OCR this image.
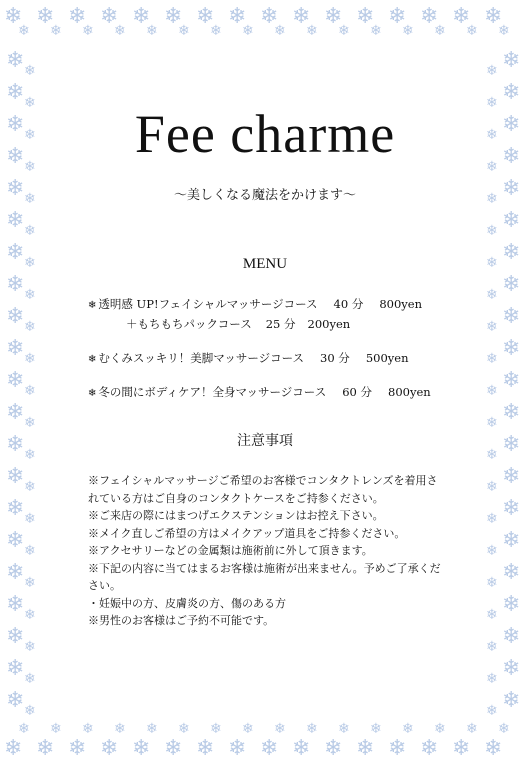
❄
❄
❄
❄
❄
❄
❄
❄
❄
❄
❄
❄
❄
❄
❄
❄
❄
❄
❄
❄
❄
❄
❄
❄
❄
❄
❄
❄
❄
❄
❄
❄
❄
❄
❄
❄
❄
❄
❄
❄
❄
❄
❄
❄
❄
❄
❄
❄
❄
❄
❄
❄
❄
❄
❄
❄
❄
❄
❄
❄
❄
❄
❄
❄
❄ ❄	❄
❄
❄ ❄	❄
❄
❄ ❄	❄
❄
❄ ❄	❄
❄
❄ ❄	❄
❄
❄ ❄	❄
❄
❄ ❄	❄
❄
❄ ❄	❄
❄
❄ ❄	❄
❄
❄ ❄	❄
❄
❄ ❄	❄
❄
❄ ❄	❄
❄
❄ ❄	❄
❄
❄ ❄	❄
❄
❄ ❄	❄
❄
❄ ❄	❄
❄
❄ ❄	❄
❄
❄ ❄	❄
❄
❄ ❄	❄
❄
❄ ❄	❄
❄
❄ ❄	❄
❄
Fee charme
～美しくなる魔法をかけます～
MENU
❄ 透明感 UP!フェイシャルマッサージコース 40 分 800yen
＋もちもちパックコース 25 分 200yen
❄ むくみスッキリ！美脚マッサージコース 30 分 500yen
❄ 冬の間にボディケア！全身マッサージコース 60 分 800yen
注意事項
※フェイシャルマッサージご希望のお客様でコンタクトレンズを着用されている方はご自身のコンタクトケースをご持参ください。
※ご来店の際にはまつげエクステンションはお控え下さい。
※メイク直しご希望の方はメイクアップ道具をご持参ください。
※アクセサリーなどの金属類は施術前に外して頂きます。
※下記の内容に当てはまるお客様は施術が出来ません。予めご了承ください。
・妊娠中の方、皮膚炎の方、傷のある方
※男性のお客様はご予約不可能です。
